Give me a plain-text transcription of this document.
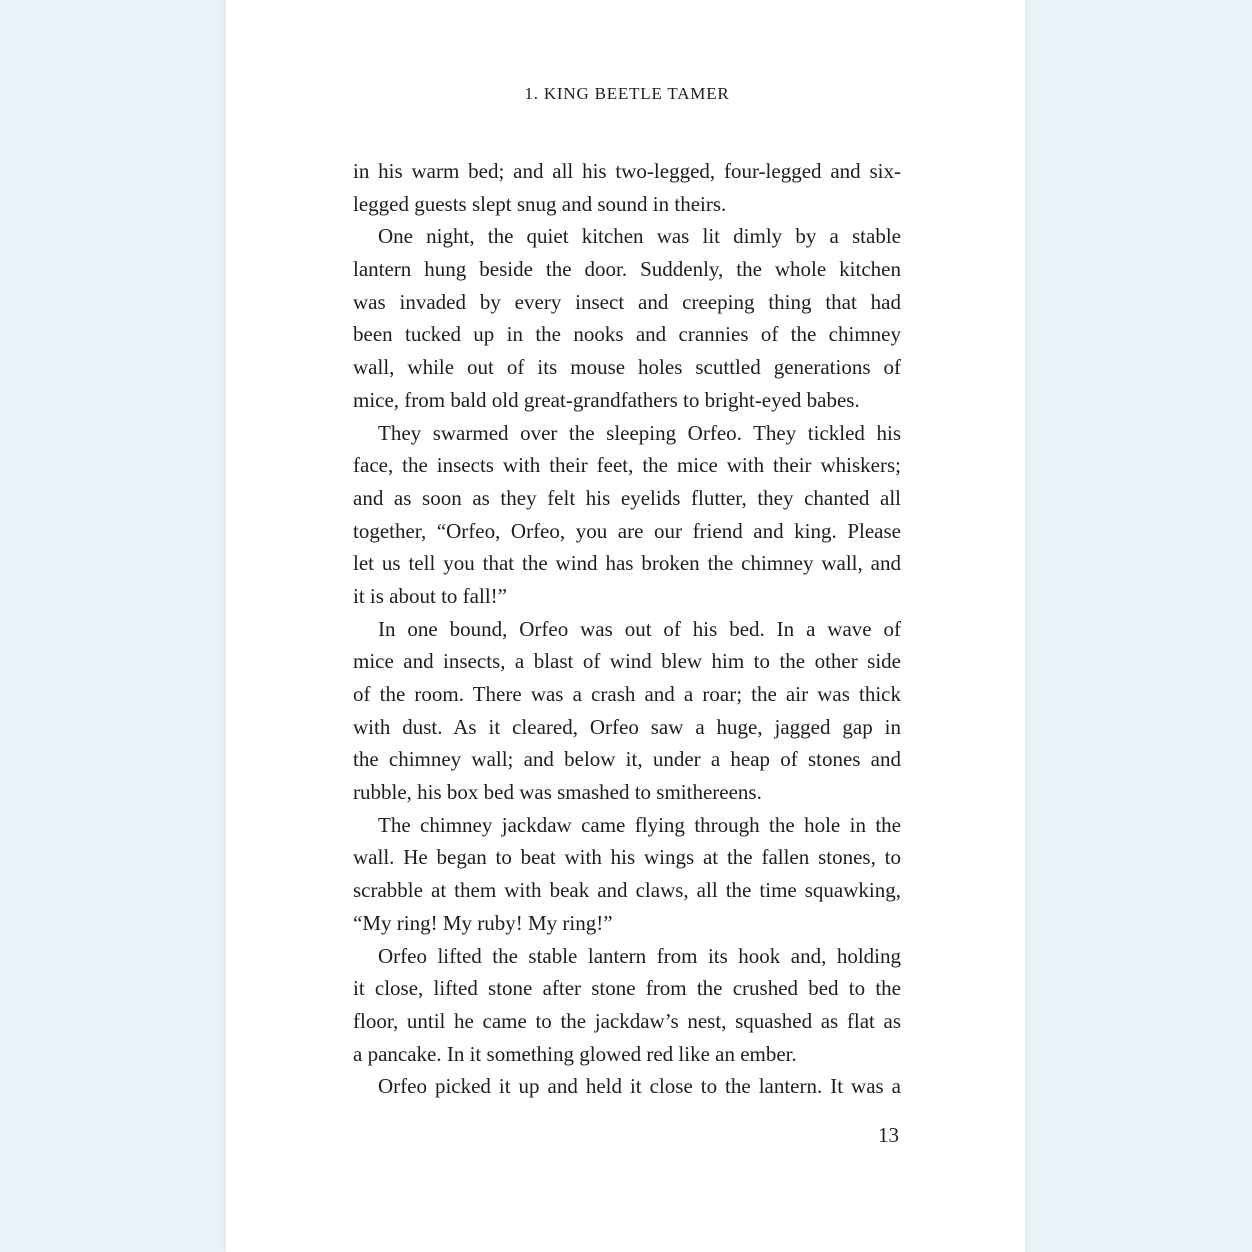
1. KING BEETLE TAMER
in his warm bed; and all his two-legged, four-legged and six-
legged guests slept snug and sound in theirs.
One night, the quiet kitchen was lit dimly by a stable
lantern hung beside the door. Suddenly, the whole kitchen
was invaded by every insect and creeping thing that had
been tucked up in the nooks and crannies of the chimney
wall, while out of its mouse holes scuttled generations of
mice, from bald old great-grandfathers to bright-eyed babes.
They swarmed over the sleeping Orfeo. They tickled his
face, the insects with their feet, the mice with their whiskers;
and as soon as they felt his eyelids flutter, they chanted all
together, “Orfeo, Orfeo, you are our friend and king. Please
let us tell you that the wind has broken the chimney wall, and
it is about to fall!”
In one bound, Orfeo was out of his bed. In a wave of
mice and insects, a blast of wind blew him to the other side
of the room. There was a crash and a roar; the air was thick
with dust. As it cleared, Orfeo saw a huge, jagged gap in
the chimney wall; and below it, under a heap of stones and
rubble, his box bed was smashed to smithereens.
The chimney jackdaw came flying through the hole in the
wall. He began to beat with his wings at the fallen stones, to
scrabble at them with beak and claws, all the time squawking,
“My ring! My ruby! My ring!”
Orfeo lifted the stable lantern from its hook and, holding
it close, lifted stone after stone from the crushed bed to the
floor, until he came to the jackdaw’s nest, squashed as flat as
a pancake. In it something glowed red like an ember.
Orfeo picked it up and held it close to the lantern. It was a
13
